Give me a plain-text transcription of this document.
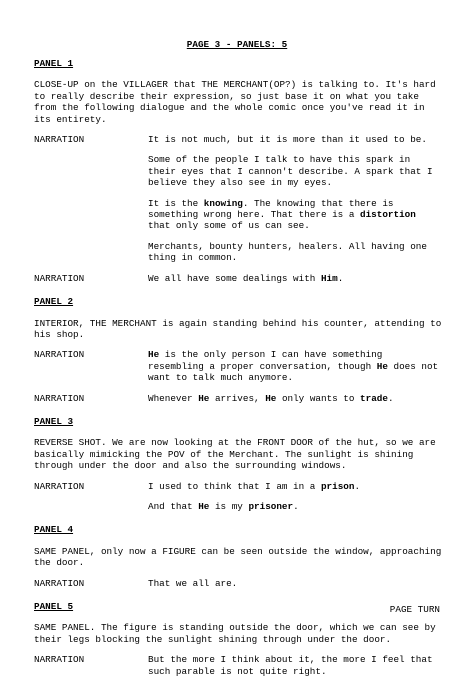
PAGE 3 - PANELS: 5
PANEL 1
CLOSE-UP on the VILLAGER that THE MERCHANT(OP?) is talking to. It's hard to really describe their expression, so just base it on what you take from the following dialogue and the whole comic once you've read it in its entirety.
NARRATION	It is not much, but it is more than it used to be.
Some of the people I talk to have this spark in their eyes that I cannon't describe. A spark that I believe they also see in my eyes.
It is the knowing. The knowing that there is something wrong here. That there is a distortion that only some of us can see.
Merchants, bounty hunters, healers. All having one thing in common.
NARRATION	We all have some dealings with Him.
PANEL 2
INTERIOR, THE MERCHANT is again standing behind his counter, attending to his shop.
NARRATION	He is the only person I can have something resembling a proper conversation, though He does not want to talk much anymore.
NARRATION	Whenever He arrives, He only wants to trade.
PANEL 3
REVERSE SHOT. We are now looking at the FRONT DOOR of the hut, so we are basically mimicking the POV of the Merchant. The sunlight is shining through under the door and also the surrounding windows.
NARRATION	I used to think that I am in a prison.
And that He is my prisoner.
PANEL 4
SAME PANEL, only now a FIGURE can be seen outside the window, approaching the door.
NARRATION	That we all are.
PANEL 5
SAME PANEL. The figure is standing outside the door, which we can see by their legs blocking the sunlight shining through under the door.
NARRATION	But the more I think about it, the more I feel that such parable is not quite right.
PAGE TURN
